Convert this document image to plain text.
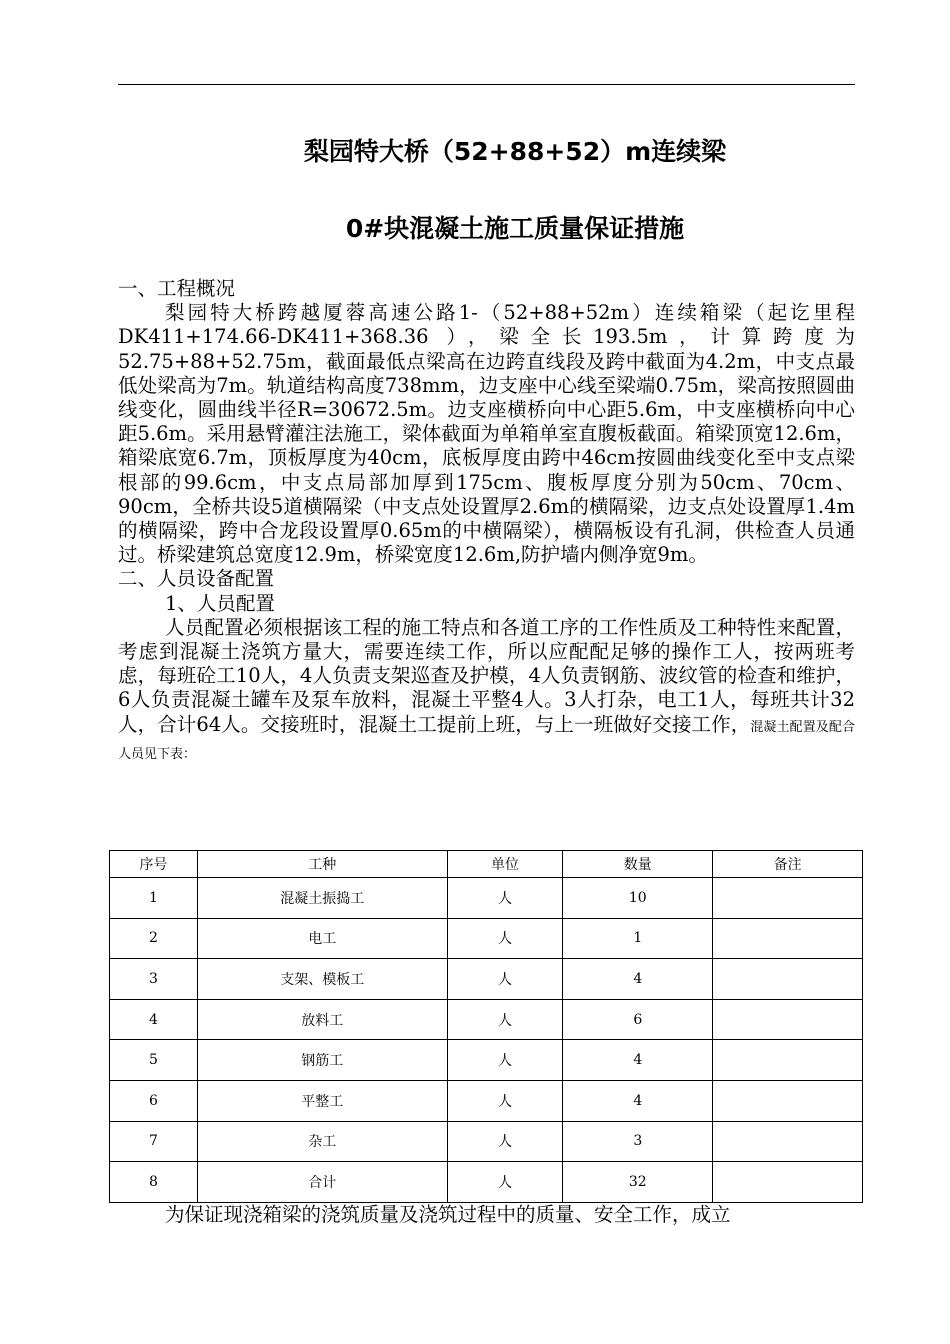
梨园特大桥（52+88+52）m连续梁
0#块混凝土施工质量保证措施

一、工程概况

梨园特大桥跨越厦蓉高速公路1-（52+88+52m）连续箱梁（起讫里程DK411+174.66-DK411+368.36 ），梁全长193.5m，计算跨度为52.75+88+52.75m，截面最低点梁高在边跨直线段及跨中截面为4.2m，中支点最低处梁高为7m。轨道结构高度738mm，边支座中心线至梁端0.75m，梁高按照圆曲线变化，圆曲线半径R=30672.5m。边支座横桥向中心距5.6m，中支座横桥向中心距5.6m。采用悬臂灌注法施工，梁体截面为单箱单室直腹板截面。箱梁顶宽12.6m，箱梁底宽6.7m，顶板厚度为40cm，底板厚度由跨中46cm按圆曲线变化至中支点梁根部的99.6cm，中支点局部加厚到175cm、腹板厚度分别为50cm、70cm、90cm，全桥共设5道横隔梁（中支点处设置厚2.6m的横隔梁，边支点处设置厚1.4m的横隔梁，跨中合龙段设置厚0.65m的中横隔梁），横隔板设有孔洞，供检查人员通过。桥梁建筑总宽度12.9m，桥梁宽度12.6m,防护墙内侧净宽9m。

二、人员设备配置

1、人员配置

人员配置必须根据该工程的施工特点和各道工序的工作性质及工种特性来配置，考虑到混凝土浇筑方量大，需要连续工作，所以应配配足够的操作工人，按两班考虑，每班砼工10人，4人负责支架巡查及护模，4人负责钢筋、波纹管的检查和维护，6人负责混凝土罐车及泵车放料，混凝土平整4人。3人打杂，电工1人，每班共计32人，合计64人。交接班时，混凝土工提前上班，与上一班做好交接工作，混凝土配置及配合人员见下表：

序号	工种	单位	数量	备注
1	混凝土振捣工	人	10	
2	电工	人	1	
3	支架、模板工	人	4	
4	放料工	人	6	
5	钢筋工	人	4	
6	平整工	人	4	
7	杂工	人	3	
8	合计	人	32	
为保证现浇箱梁的浇筑质量及浇筑过程中的质量、安全工作，成立
